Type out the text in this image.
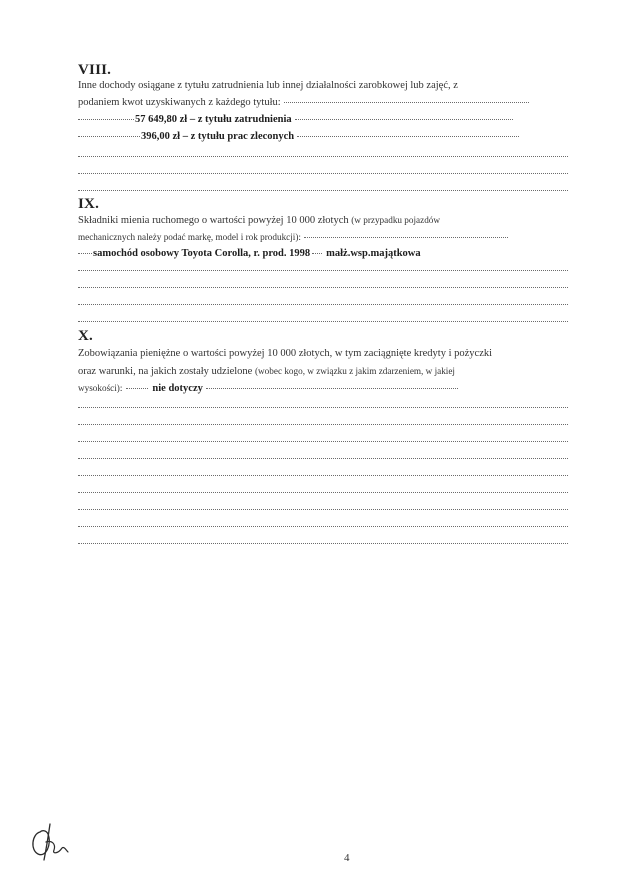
VIII.
Inne dochody osiągane z tytułu zatrudnienia lub innej działalności zarobkowej lub zajęć, z
podaniem kwot uzyskiwanych z każdego tytułu:
57 649,80 zł – z tytułu zatrudnienia
396,00 zł – z tytułu prac zleconych
IX.
Składniki mienia ruchomego o wartości powyżej 10 000 złotych (w przypadku pojazdów
mechanicznych należy podać markę, model i rok produkcji):
samochód osobowy Toyota Corolla, r. prod. 1998 małż.wsp.majątkowa
X.
Zobowiązania pieniężne o wartości powyżej 10 000 złotych, w tym zaciągnięte kredyty i pożyczki
oraz warunki, na jakich zostały udzielone (wobec kogo, w związku z jakim zdarzeniem, w jakiej
wysokości):	nie dotyczy
4
